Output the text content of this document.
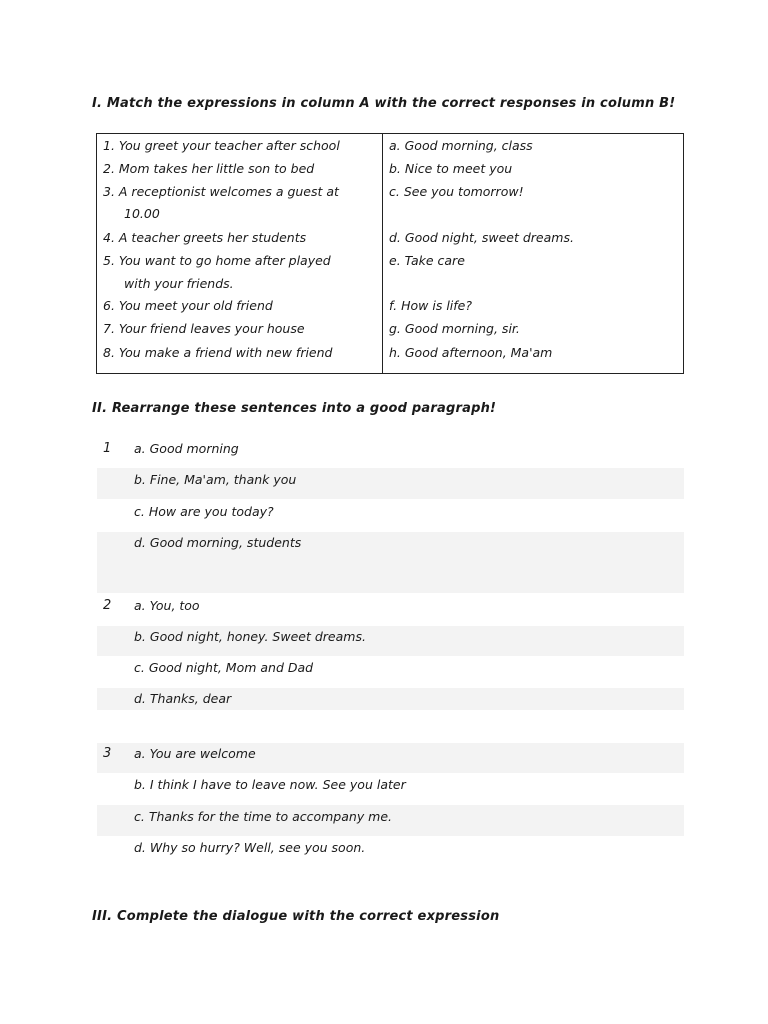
I. Match the expressions in column A with the correct responses in column B!
1. You greet your teacher after school
2. Mom takes her little son to bed
3. A receptionist welcomes a guest at
10.00
4. A teacher greets her students
5. You want to go home after played
with your friends.
6. You meet your old friend
7. Your friend leaves your house
8. You make a friend with new friend
a. Good morning, class
b. Nice to meet you
c. See you tomorrow!
d. Good night, sweet dreams.
e. Take care
f. How is life?
g. Good morning, sir.
h. Good afternoon, Ma'am
II. Rearrange these sentences into a good paragraph!
1 a. Good morning
b. Fine, Ma'am, thank you
c. How are you today?
d. Good morning, students
2 a. You, too
b. Good night, honey. Sweet dreams.
c. Good night, Mom and Dad
d. Thanks, dear
3 a. You are welcome
b. I think I have to leave now. See you later
c. Thanks for the time to accompany me.
d. Why so hurry? Well, see you soon.
III. Complete the dialogue with the correct expression
